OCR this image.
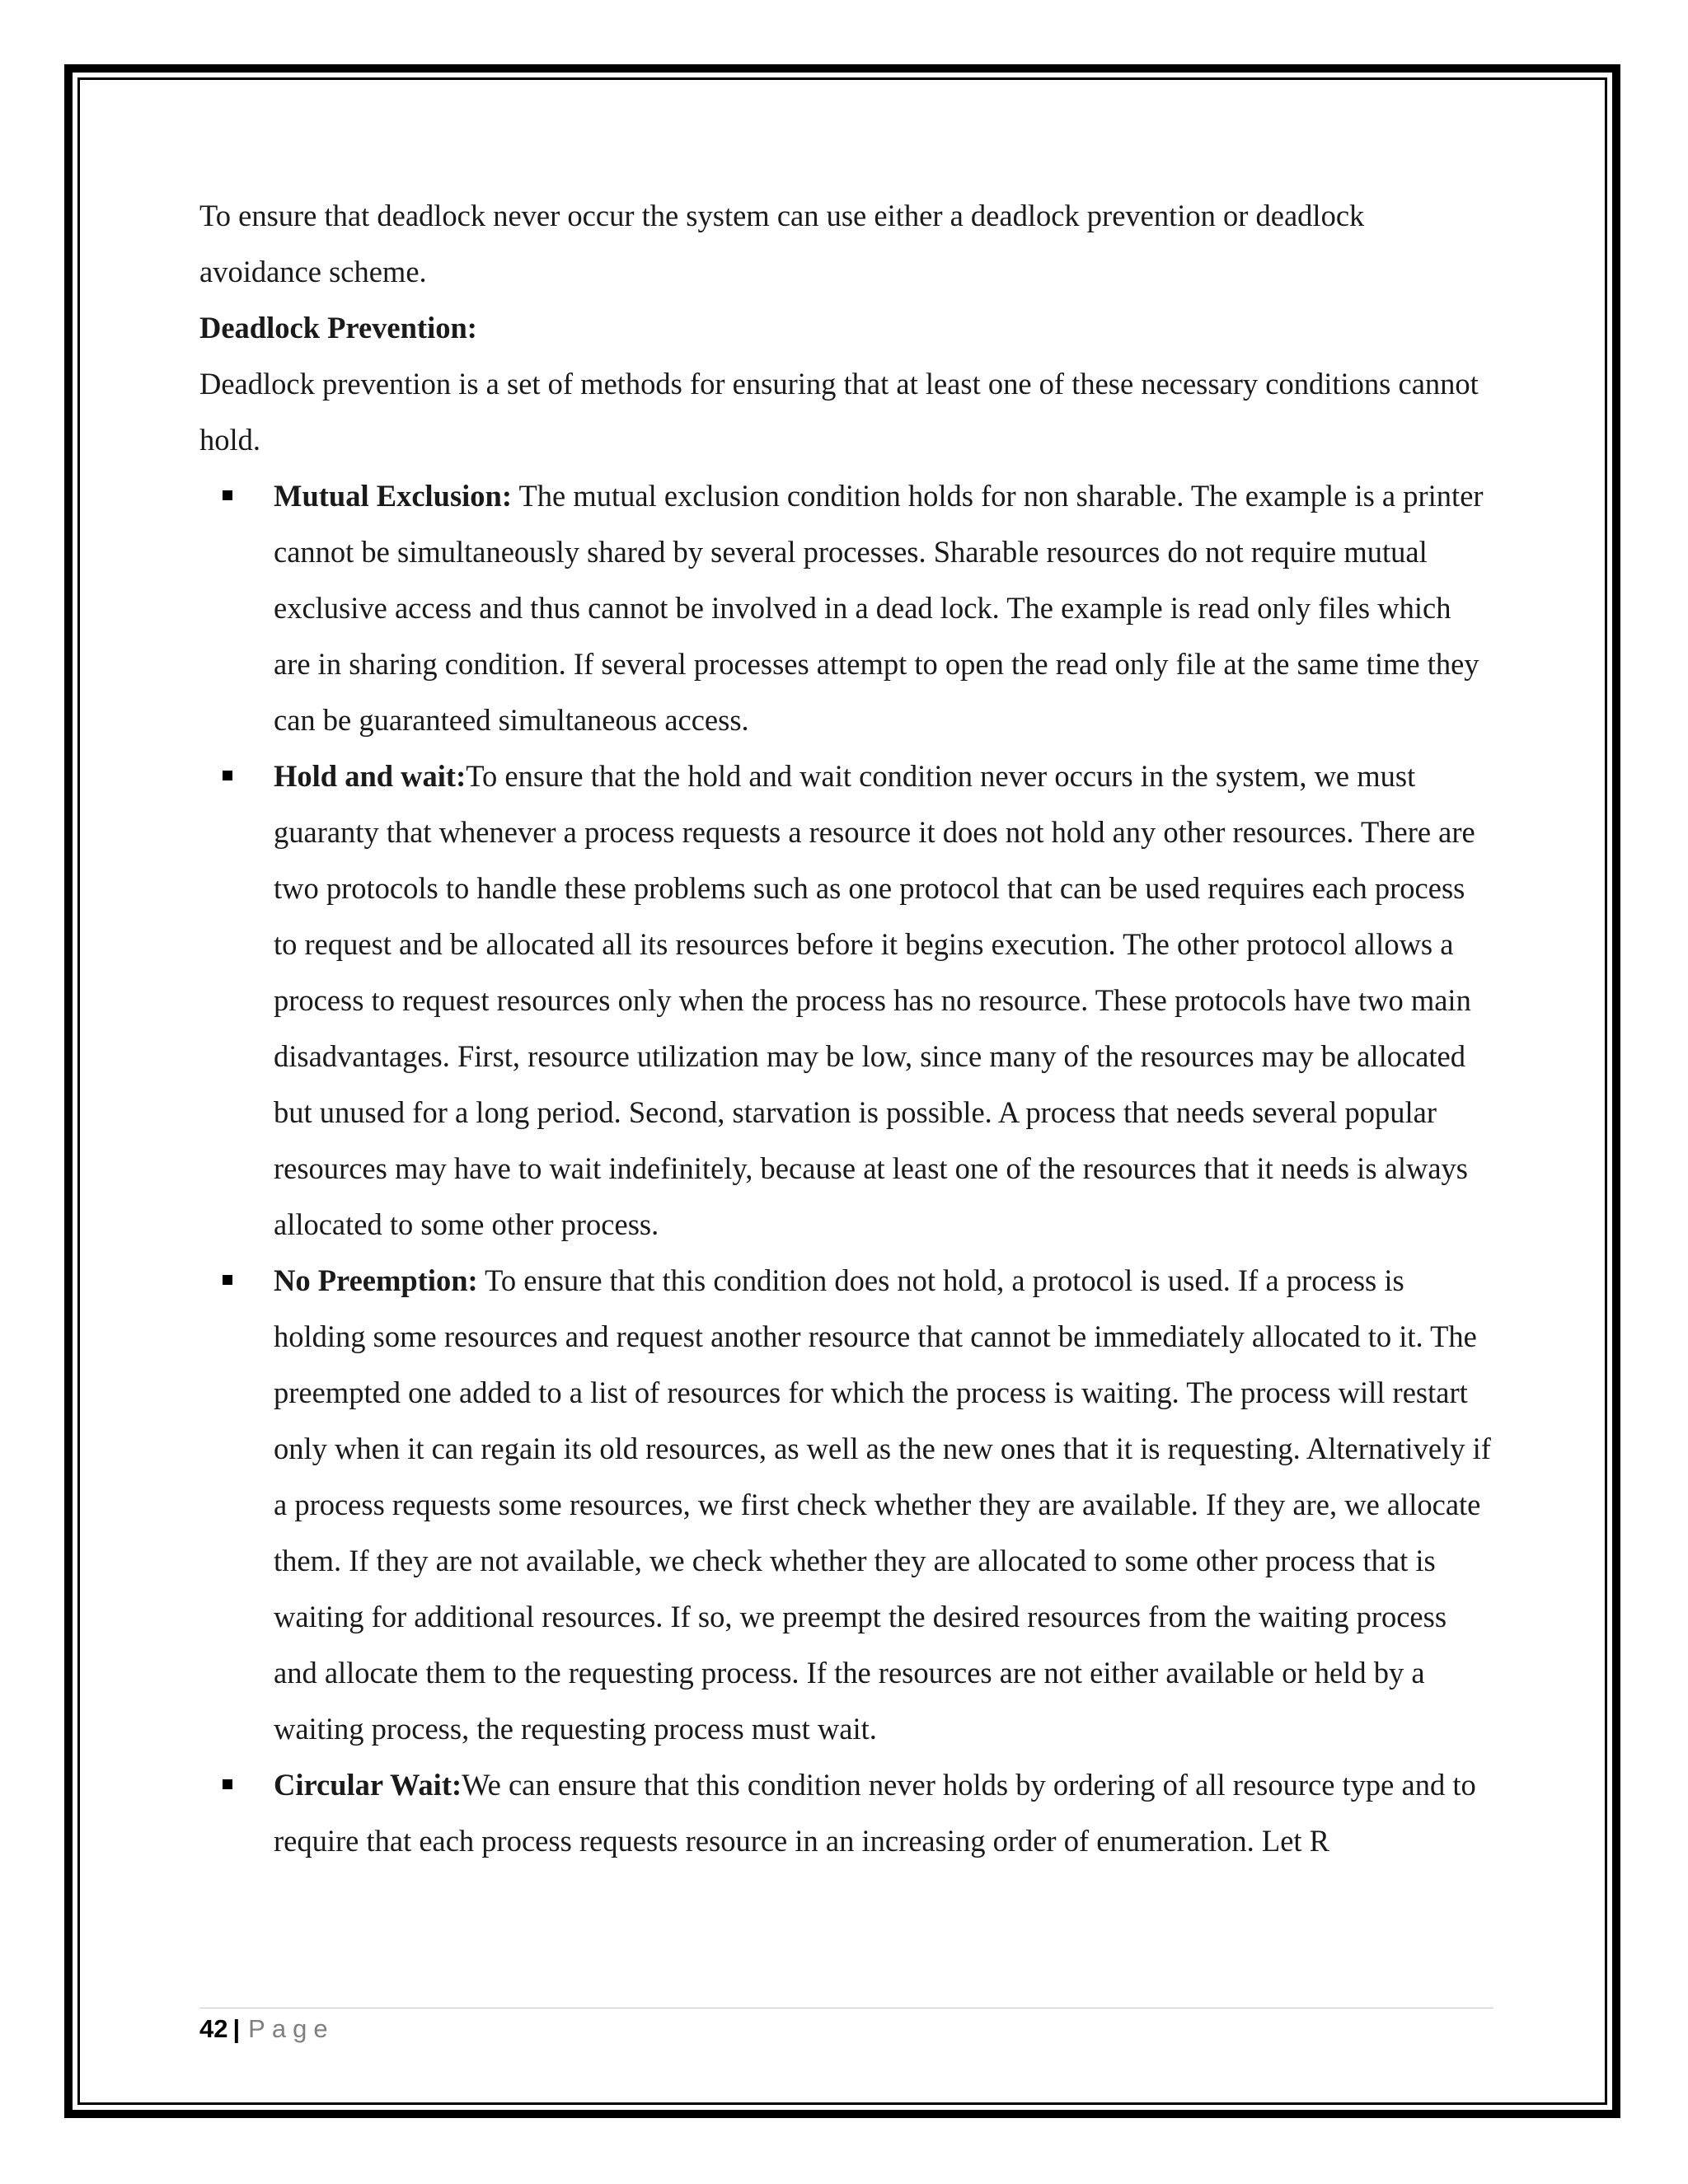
To ensure that deadlock never occur the system can use either a deadlock prevention or deadlock avoidance scheme.

Deadlock Prevention:

Deadlock prevention is a set of methods for ensuring that at least one of these necessary conditions cannot hold.

Mutual Exclusion: The mutual exclusion condition holds for non sharable. The example is a printer cannot be simultaneously shared by several processes. Sharable resources do not require mutual exclusive access and thus cannot be involved in a dead lock. The example is read only files which are in sharing condition. If several processes attempt to open the read only file at the same time they can be guaranteed simultaneous access.
Hold and wait:To ensure that the hold and wait condition never occurs in the system, we must guaranty that whenever a process requests a resource it does not hold any other resources. There are two protocols to handle these problems such as one protocol that can be used requires each process to request and be allocated all its resources before it begins execution. The other protocol allows a process to request resources only when the process has no resource. These protocols have two main disadvantages. First, resource utilization may be low, since many of the resources may be allocated but unused for a long period. Second, starvation is possible. A process that needs several popular resources may have to wait indefinitely, because at least one of the resources that it needs is always allocated to some other process.
No Preemption: To ensure that this condition does not hold, a protocol is used. If a process is holding some resources and request another resource that cannot be immediately allocated to it. The preempted one added to a list of resources for which the process is waiting. The process will restart only when it can regain its old resources, as well as the new ones that it is requesting. Alternatively if a process requests some resources, we first check whether they are available. If they are, we allocate them. If they are not available, we check whether they are allocated to some other process that is waiting for additional resources. If so, we preempt the desired resources from the waiting process and allocate them to the requesting process. If the resources are not either available or held by a waiting process, the requesting process must wait.
Circular Wait:We can ensure that this condition never holds by ordering of all resource type and to require that each process requests resource in an increasing order of enumeration. Let R
42 | Page
